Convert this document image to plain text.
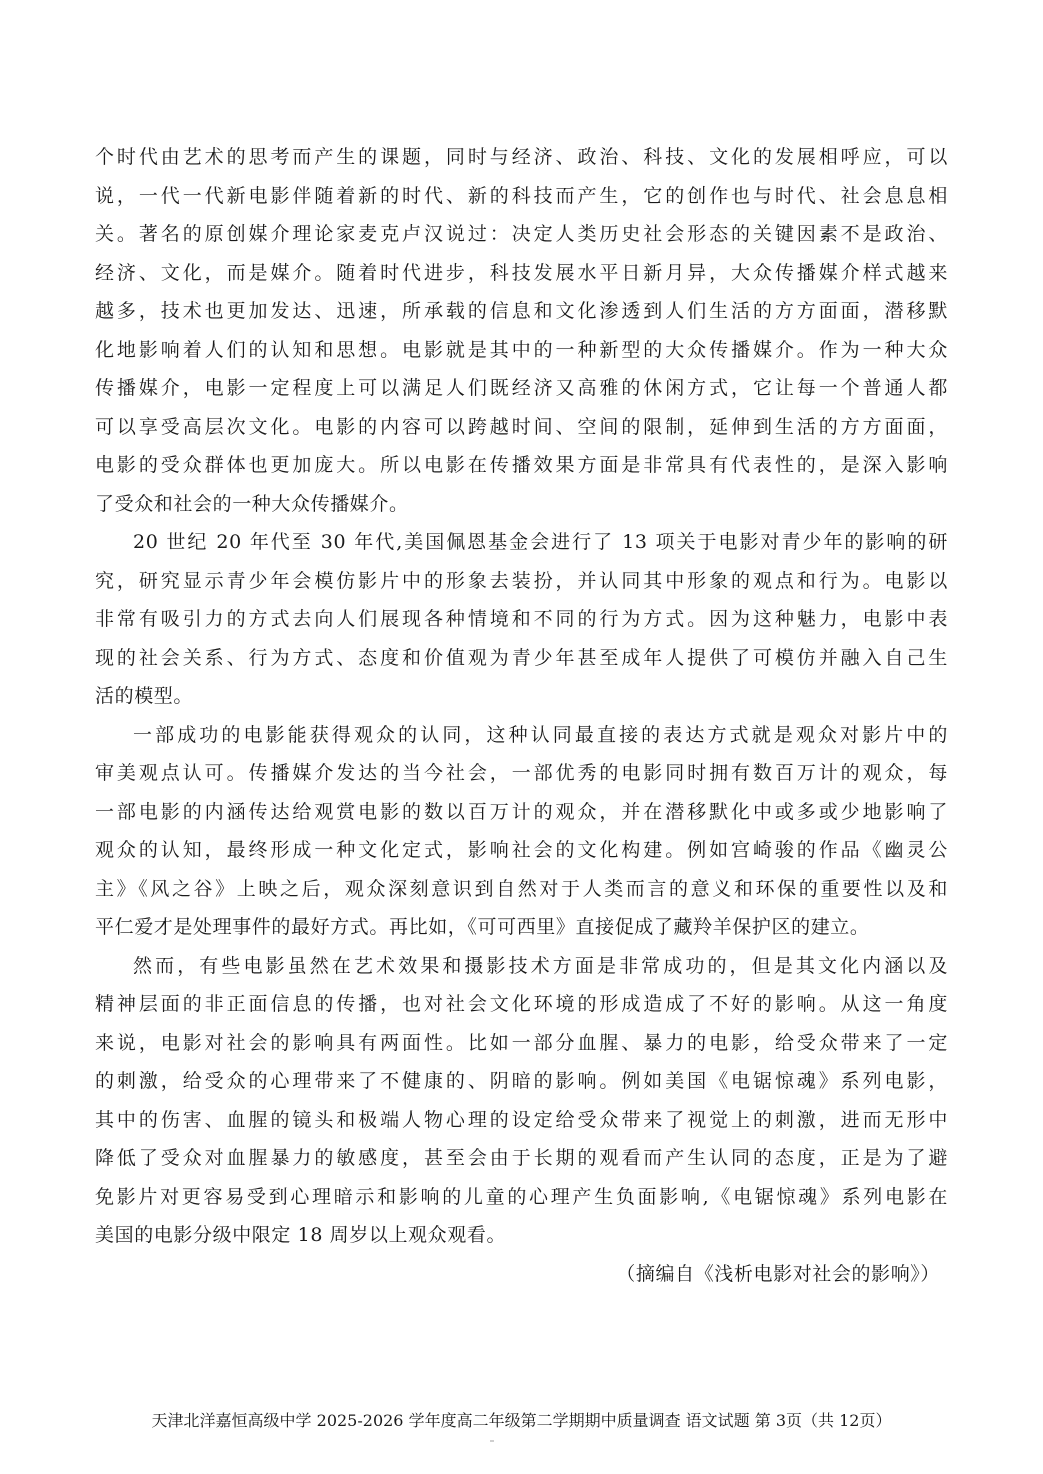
个时代由艺术的思考而产生的课题，同时与经济、政治、科技、文化的发展相呼应，可以
说，一代一代新电影伴随着新的时代、新的科技而产生，它的创作也与时代、社会息息相
关。著名的原创媒介理论家麦克卢汉说过：决定人类历史社会形态的关键因素不是政治、
经济、文化，而是媒介。随着时代进步，科技发展水平日新月异，大众传播媒介样式越来
越多，技术也更加发达、迅速，所承载的信息和文化渗透到人们生活的方方面面，潜移默
化地影响着人们的认知和思想。电影就是其中的一种新型的大众传播媒介。作为一种大众
传播媒介，电影一定程度上可以满足人们既经济又高雅的休闲方式，它让每一个普通人都
可以享受高层次文化。电影的内容可以跨越时间、空间的限制，延伸到生活的方方面面，
电影的受众群体也更加庞大。所以电影在传播效果方面是非常具有代表性的，是深入影响
了受众和社会的一种大众传播媒介。
20 世纪 20 年代至 30 年代,美国佩恩基金会进行了 13 项关于电影对青少年的影响的研
究，研究显示青少年会模仿影片中的形象去装扮，并认同其中形象的观点和行为。电影以
非常有吸引力的方式去向人们展现各种情境和不同的行为方式。因为这种魅力，电影中表
现的社会关系、行为方式、态度和价值观为青少年甚至成年人提供了可模仿并融入自己生
活的模型。
一部成功的电影能获得观众的认同，这种认同最直接的表达方式就是观众对影片中的
审美观点认可。传播媒介发达的当今社会，一部优秀的电影同时拥有数百万计的观众，每
一部电影的内涵传达给观赏电影的数以百万计的观众，并在潜移默化中或多或少地影响了
观众的认知，最终形成一种文化定式，影响社会的文化构建。例如宫崎骏的作品《幽灵公
主》《风之谷》上映之后，观众深刻意识到自然对于人类而言的意义和环保的重要性以及和
平仁爱才是处理事件的最好方式。再比如，《可可西里》直接促成了藏羚羊保护区的建立。
然而，有些电影虽然在艺术效果和摄影技术方面是非常成功的，但是其文化内涵以及
精神层面的非正面信息的传播，也对社会文化环境的形成造成了不好的影响。从这一角度
来说，电影对社会的影响具有两面性。比如一部分血腥、暴力的电影，给受众带来了一定
的刺激，给受众的心理带来了不健康的、阴暗的影响。例如美国《电锯惊魂》系列电影，
其中的伤害、血腥的镜头和极端人物心理的设定给受众带来了视觉上的刺激，进而无形中
降低了受众对血腥暴力的敏感度，甚至会由于长期的观看而产生认同的态度，正是为了避
免影片对更容易受到心理暗示和影响的儿童的心理产生负面影响,《电锯惊魂》系列电影在
美国的电影分级中限定 18 周岁以上观众观看。
（摘编自《浅析电影对社会的影响》）
天津北洋嘉恒高级中学 2025-2026 学年度高二年级第二学期期中质量调查 语文试题 第 3页（共 12页）
